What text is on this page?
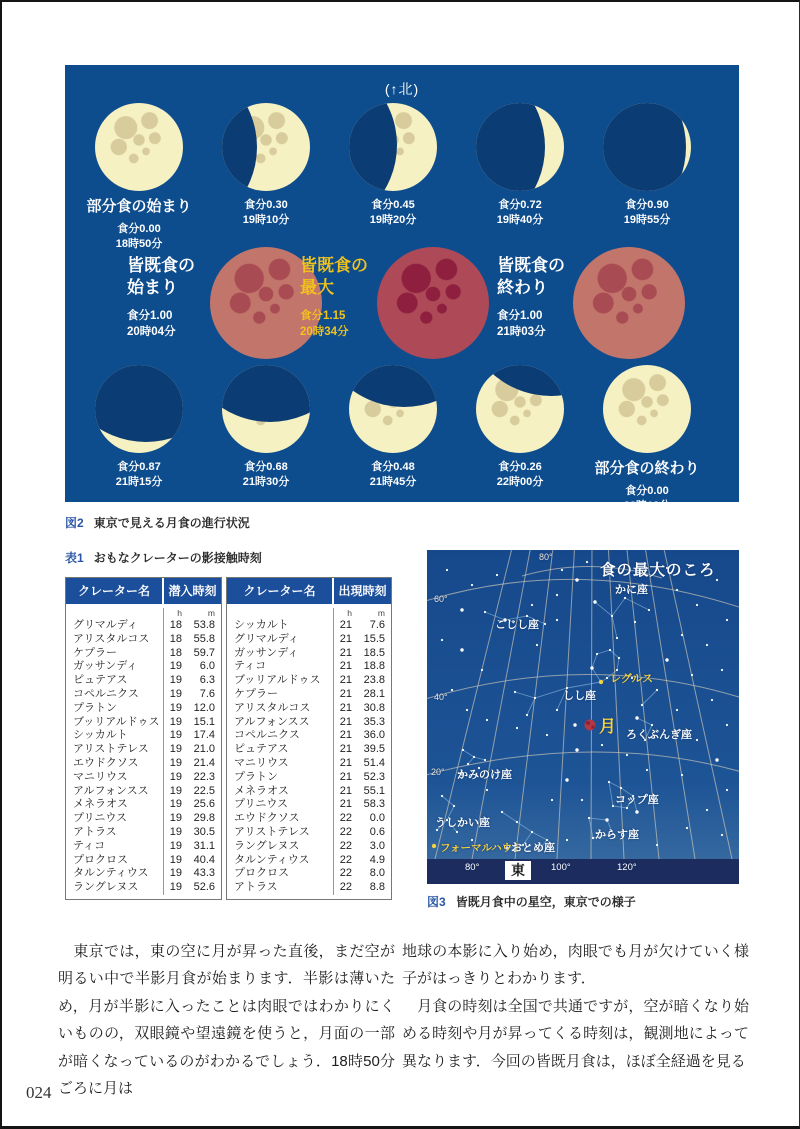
(↑北)
部分食の始まり
食分0.00
18時50分
食分0.30
19時10分
食分0.45
19時20分
食分0.72
19時40分
食分0.90
19時55分
皆既食の
始まり
食分1.00
20時04分
皆既食の
最大
食分1.15
20時34分
皆既食の
終わり
食分1.00
21時03分
食分0.87
21時15分
食分0.68
21時30分
食分0.48
21時45分
食分0.26
22時00分
部分食の終わり
食分0.00
22時18分
図2 東京で見える月食の進行状況
表1 おもなクレーターの影接触時刻
クレーター名	潜入時刻
h	m
グリマルディ	18	53.8
アリスタルコス	18	55.8
ケプラー	18	59.7
ガッサンディ	19	6.0
ピュテアス	19	6.3
コペルニクス	19	7.6
プラトン	19	12.0
ブッリアルドゥス 19	15.1
シッカルト	19	17.4
アリストテレス	19	21.0
エウドクソス	19	21.4
マニリウス	19	22.3
アルフォンスス	19	22.5
メネラオス	19	25.6
プリニウス	19	29.8
アトラス	19	30.5
ティコ	19	31.1
プロクロス	19	40.4
タルンティウス	19	43.3
ラングレヌス	19	52.6
クレーター名	出現時刻
h	m
シッカルト	21	7.6
グリマルディ	21	15.5
ガッサンディ	21	18.5
ティコ	21	18.8
ブッリアルドゥス	21	23.8
ケプラー	21	28.1
アリスタルコス	21	30.8
アルフォンスス	21	35.3
コペルニクス	21	36.0
ピュテアス	21	39.5
マニリウス	21	51.4
プラトン	21	52.3
メネラオス	21	55.1
プリニウス	21	58.3
エウドクソス	22	0.0
アリストテレス	22	0.6
ラングレヌス	22	3.0
タルンティウス	22	4.9
プロクロス	22	8.0
アトラス	22	8.8
食の最大のころ
かに座
こじし座
レグルス
しし座
月 ろくぶんぎ座
かみのけ座
コップ座
うしかい座
からす座
フォーマルハウト
おとめ座
80°
60°
40°
20°
80°	100°	120°
東
図3 皆既月食中の星空，東京での様子

　東京では，東の空に月が昇った直後，まだ空が明るい中で半影月食が始まります．半影は薄いため，月が半影に入ったことは肉眼ではわかりにくいものの，双眼鏡や望遠鏡を使うと，月面の一部が暗くなっているのがわかるでしょう．18時50分ごろに月は

地球の本影に入り始め，肉眼でも月が欠けていく様子がはっきりとわかります．

　月食の時刻は全国で共通ですが，空が暗くなり始める時刻や月が昇ってくる時刻は，観測地によって異なります．今回の皆既月食は，ほぼ全経過を見る

024
